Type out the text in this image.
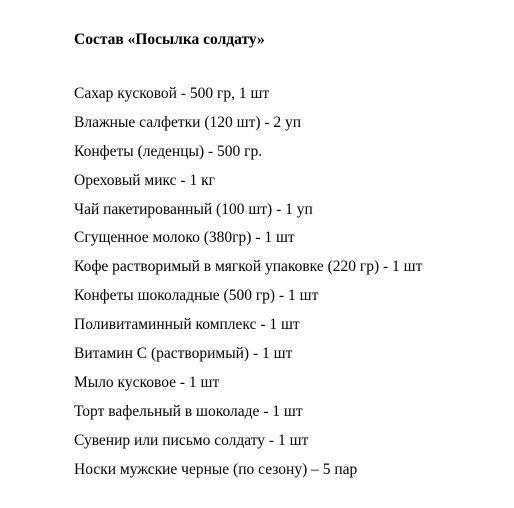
Состав «Посылка солдату»
Сахар кусковой - 500 гр, 1 шт
Влажные салфетки (120 шт) - 2 уп
Конфеты (леденцы) - 500 гр.
Ореховый микс - 1 кг
Чай пакетированный (100 шт) - 1 уп
Сгущенное молоко (380гр) - 1 шт
Кофе растворимый в мягкой упаковке (220 гр) - 1 шт
Конфеты шоколадные (500 гр) - 1 шт
Поливитаминный комплекс - 1 шт
Витамин С (растворимый) - 1 шт
Мыло кусковое - 1 шт
Торт вафельный в шоколаде - 1 шт
Сувенир или письмо солдату - 1 шт
Носки мужские черные (по сезону) – 5 пар
